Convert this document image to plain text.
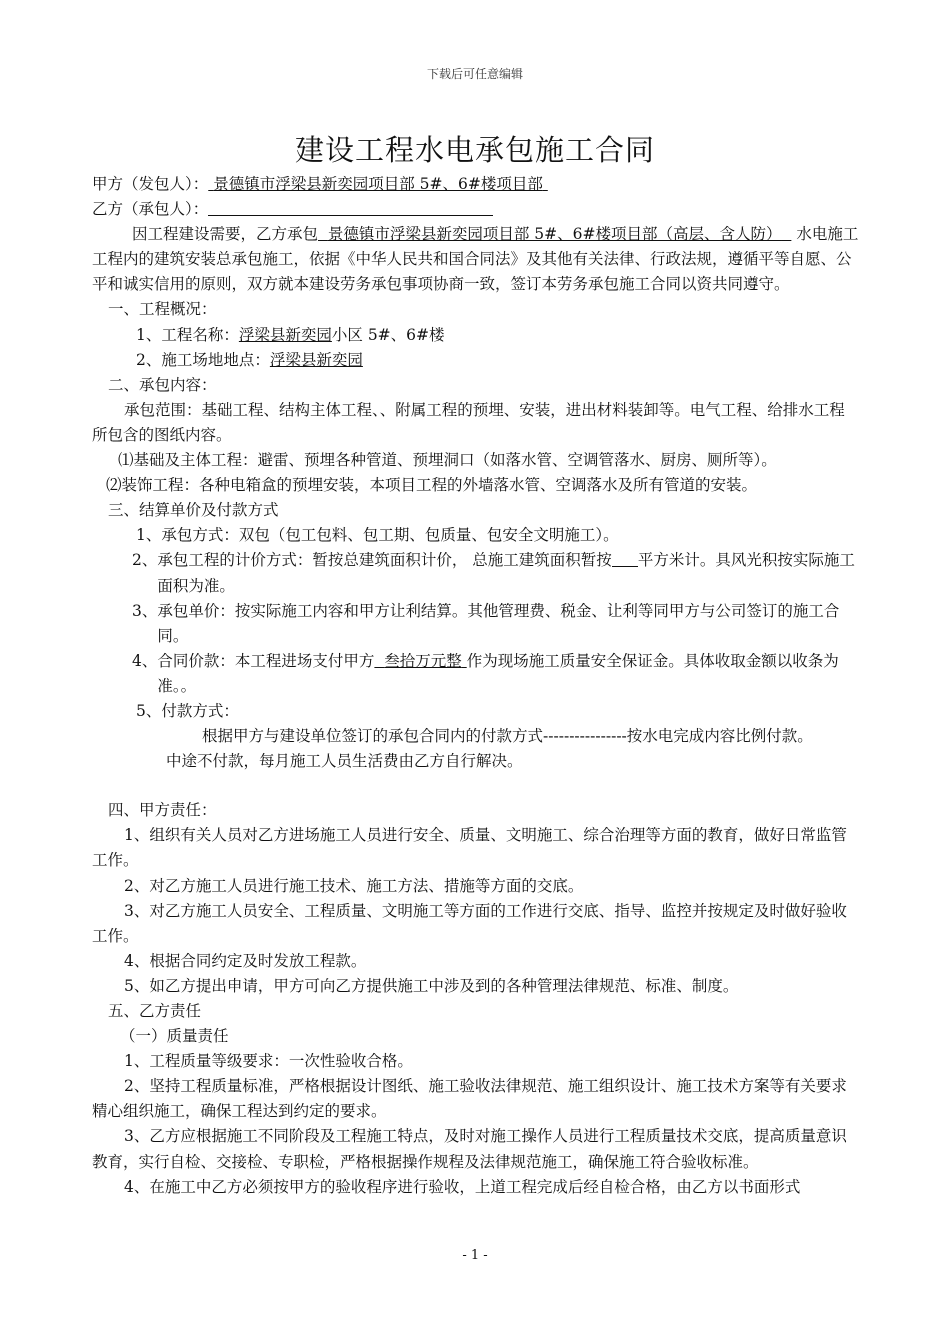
下载后可任意编辑
建设工程水电承包施工合同

甲方（发包人）： 景德镇市浮梁县新奕园项目部 5#、6#楼项目部

乙方（承包人）：

因工程建设需要，乙方承包 景德镇市浮梁县新奕园项目部 5#、6#楼项目部（高层、含人防） 水电施工工程内的建筑安装总承包施工，依据《中华人民共和国合同法》及其他有关法律、行政法规，遵循平等自愿、公平和诚实信用的原则，双方就本建设劳务承包事项协商一致，签订本劳务承包施工合同以资共同遵守。

一、工程概况：

1、工程名称：浮梁县新奕园小区 5#、6#楼

2、施工场地地点：浮梁县新奕园

二、承包内容：

承包范围：基础工程、结构主体工程、、附属工程的预埋、安装，进出材料装卸等。电气工程、给排水工程所包含的图纸内容。

⑴基础及主体工程：避雷、预埋各种管道、预埋洞口（如落水管、空调管落水、厨房、厕所等）。

⑵装饰工程：各种电箱盒的预埋安装，本项目工程的外墙落水管、空调落水及所有管道的安装。

三、结算单价及付款方式

1、承包方式：双包（包工包料、包工期、包质量、包安全文明施工）。

2、 承包工程的计价方式：暂按总建筑面积计价， 总施工建筑面积暂按 平方米计。具风光积按实际施工面积为准。
3、 承包单价：按实际施工内容和甲方让利结算。其他管理费、税金、让利等同甲方与公司签订的施工合同。
4、 合同价款：本工程进场支付甲方 叁拾万元整 作为现场施工质量安全保证金。具体收取金额以收条为准。。

5、付款方式：

根据甲方与建设单位签订的承包合同内的付款方式----------------按水电完成内容比例付款。

中途不付款，每月施工人员生活费由乙方自行解决。

四、甲方责任：

1、组织有关人员对乙方进场施工人员进行安全、质量、文明施工、综合治理等方面的教育，做好日常监管工作。

2、对乙方施工人员进行施工技术、施工方法、措施等方面的交底。

3、对乙方施工人员安全、工程质量、文明施工等方面的工作进行交底、指导、监控并按规定及时做好验收工作。

4、根据合同约定及时发放工程款。

5、如乙方提出申请，甲方可向乙方提供施工中涉及到的各种管理法律规范、标准、制度。

五、乙方责任

（一）质量责任

1、工程质量等级要求：一次性验收合格。

2、坚持工程质量标准，严格根据设计图纸、施工验收法律规范、施工组织设计、施工技术方案等有关要求精心组织施工，确保工程达到约定的要求。

3、乙方应根据施工不同阶段及工程施工特点，及时对施工操作人员进行工程质量技术交底，提高质量意识教育，实行自检、交接检、专职检，严格根据操作规程及法律规范施工，确保施工符合验收标准。

4、在施工中乙方必须按甲方的验收程序进行验收，上道工程完成后经自检合格，由乙方以书面形式

- 1 -
